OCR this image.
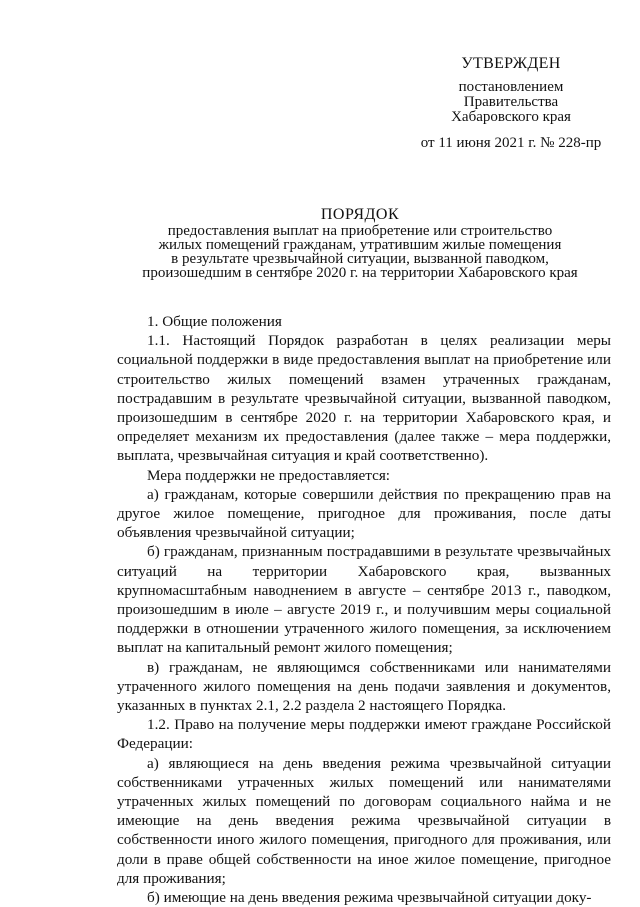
УТВЕРЖДЕН
постановлением
Правительства
Хабаровского края
от 11 июня 2021 г. № 228-пр
ПОРЯДОК
предоставления выплат на приобретение или строительство
жилых помещений гражданам, утратившим жилые помещения
в результате чрезвычайной ситуации, вызванной паводком,
произошедшим в сентябре 2020 г. на территории Хабаровского края

1. Общие положения

1.1. Настоящий Порядок разработан в целях реализации меры социальной поддержки в виде предоставления выплат на приобретение или строительство жилых помещений взамен утраченных гражданам, пострадавшим в результате чрезвычайной ситуации, вызванной паводком, произошедшим в сентябре 2020 г. на территории Хабаровского края, и определяет механизм их предоставления (далее также – мера поддержки, выплата, чрезвычайная ситуация и край соответственно).

Мера поддержки не предоставляется:

а) гражданам, которые совершили действия по прекращению прав на другое жилое помещение, пригодное для проживания, после даты объявления чрезвычайной ситуации;

б) гражданам, признанным пострадавшими в результате чрезвычайных ситуаций на территории Хабаровского края, вызванных крупномасштабным наводнением в августе – сентябре 2013 г., паводком, произошедшим в июле – августе 2019 г., и получившим меры социальной поддержки в отношении утраченного жилого помещения, за исключением выплат на капитальный ремонт жилого помещения;

в) гражданам, не являющимся собственниками или нанимателями утраченного жилого помещения на день подачи заявления и документов, указанных в пунктах 2.1, 2.2 раздела 2 настоящего Порядка.

1.2. Право на получение меры поддержки имеют граждане Российской Федерации:

а) являющиеся на день введения режима чрезвычайной ситуации собственниками утраченных жилых помещений или нанимателями утраченных жилых помещений по договорам социального найма и не имеющие на день введения режима чрезвычайной ситуации в собственности иного жилого помещения, пригодного для проживания, или доли в праве общей собственности на иное жилое помещение, пригодное для проживания;

б) имеющие на день введения режима чрезвычайной ситуации доку-
